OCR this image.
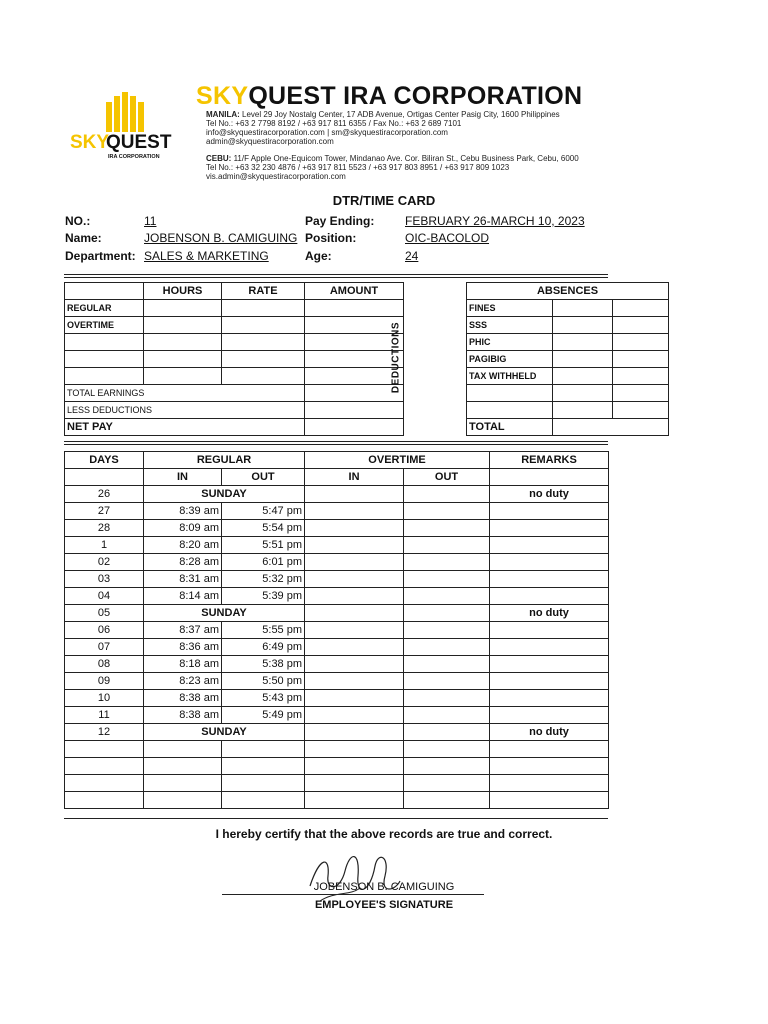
SKY
QUEST
IRA CORPORATION
SKYQUEST IRA CORPORATION
MANILA: Level 29 Joy Nostalg Center, 17 ADB Avenue, Ortigas Center Pasig City, 1600 Philippines
Tel No.: +63 2 7798 8192 / +63 917 811 6355 / Fax No.: +63 2 689 7101
info@skyquestiracorporation.com | sm@skyquestiracorporation.com
admin@skyquestiracorporation.com
CEBU: 11/F Apple One-Equicom Tower, Mindanao Ave. Cor. Biliran St., Cebu Business Park, Cebu, 6000
Tel No.: +63 32 230 4876 / +63 917 811 5523 / +63 917 803 8951 / +63 917 809 1023
vis.admin@skyquestiracorporation.com
DTR/TIME CARD
NO.:	11
Name:	JOBENSON B. CAMIGUING
Department: SALES & MARKETING
Pay Ending:	FEBRUARY 26-MARCH 10, 2023
Position:	OIC-BACOLOD
Age:	24
	HOURS	RATE	AMOUNT		ABSENCES		
REGULAR					FINES		
OVERTIME					SSS		
					PHIC		
					PAGIBIG		
					TAX WITHHELD		
TOTAL EARNINGS							
LESS DEDUCTIONS							
NET PAY					TOTAL		
DEDUCTIONS
DAYS	REGULAR		OVERTIME		REMARKS
	IN	OUT	IN	OUT	
26	SUNDAY				no duty
27	8:39 am	5:47 pm			
28	8:09 am	5:54 pm			
1	8:20 am	5:51 pm			
02	8:28 am	6:01 pm			
03	8:31 am	5:32 pm			
04	8:14 am	5:39 pm			
05	SUNDAY				no duty
06	8:37 am	5:55 pm			
07	8:36 am	6:49 pm			
08	8:18 am	5:38 pm			
09	8:23 am	5:50 pm			
10	8:38 am	5:43 pm			
11	8:38 am	5:49 pm			
12	SUNDAY				no duty

I hereby certify that the above records are true and correct.
JOBENSON B. CAMIGUING
EMPLOYEE'S SIGNATURE
